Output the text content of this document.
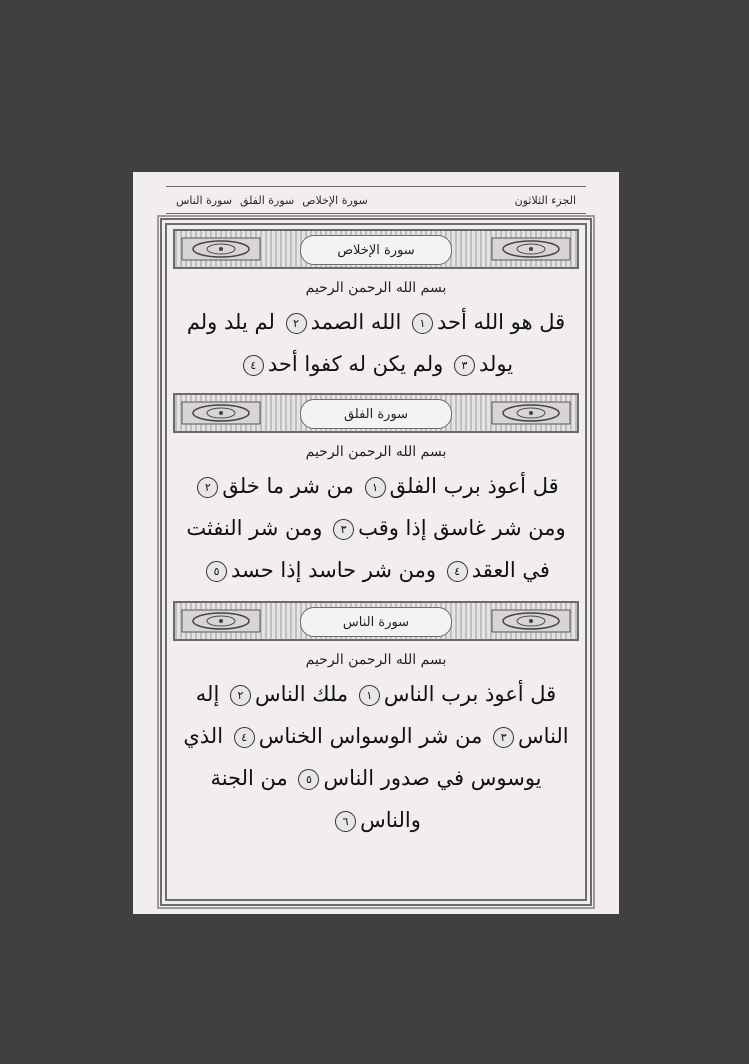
الجزء الثلاثون
سورة الإخلاص
سورة الفلق
سورة الناس
سورة الإخلاص
بسم الله الرحمن الرحيم
قل هو الله أحد١ الله الصمد٢ لم يلد ولم يولد٣ ولم يكن له كفوا أحد٤
سورة الفلق
بسم الله الرحمن الرحيم
قل أعوذ برب الفلق١ من شر ما خلق٢ ومن شر غاسق إذا وقب٣ ومن شر النفثت في العقد٤ ومن شر حاسد إذا حسد٥
سورة الناس
بسم الله الرحمن الرحيم
قل أعوذ برب الناس١ ملك الناس٢ إله الناس٣ من شر الوسواس الخناس٤ الذي يوسوس في صدور الناس٥ من الجنة والناس٦
